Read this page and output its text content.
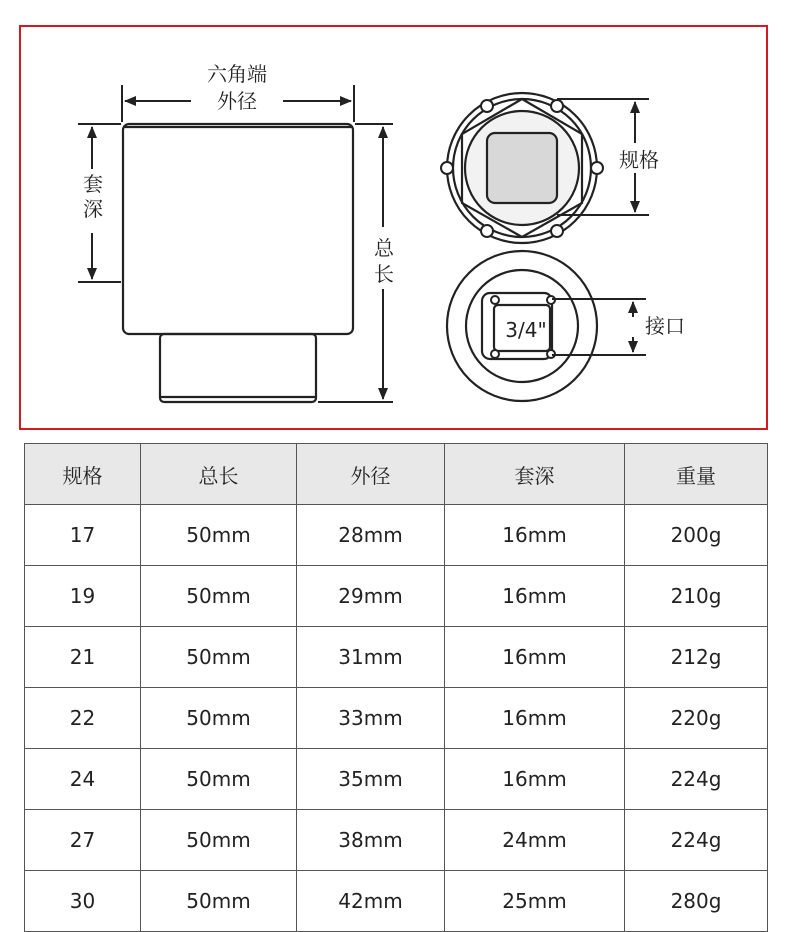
六角端
外径
套
深
总
长
规格
3/4"	接口
规格	总长	外径	套深	重量
17	50mm	28mm	16mm	200g
19	50mm	29mm	16mm	210g
21	50mm	31mm	16mm	212g
22	50mm	33mm	16mm	220g
24	50mm	35mm	16mm	224g
27	50mm	38mm	24mm	224g
30	50mm	42mm	25mm	280g
